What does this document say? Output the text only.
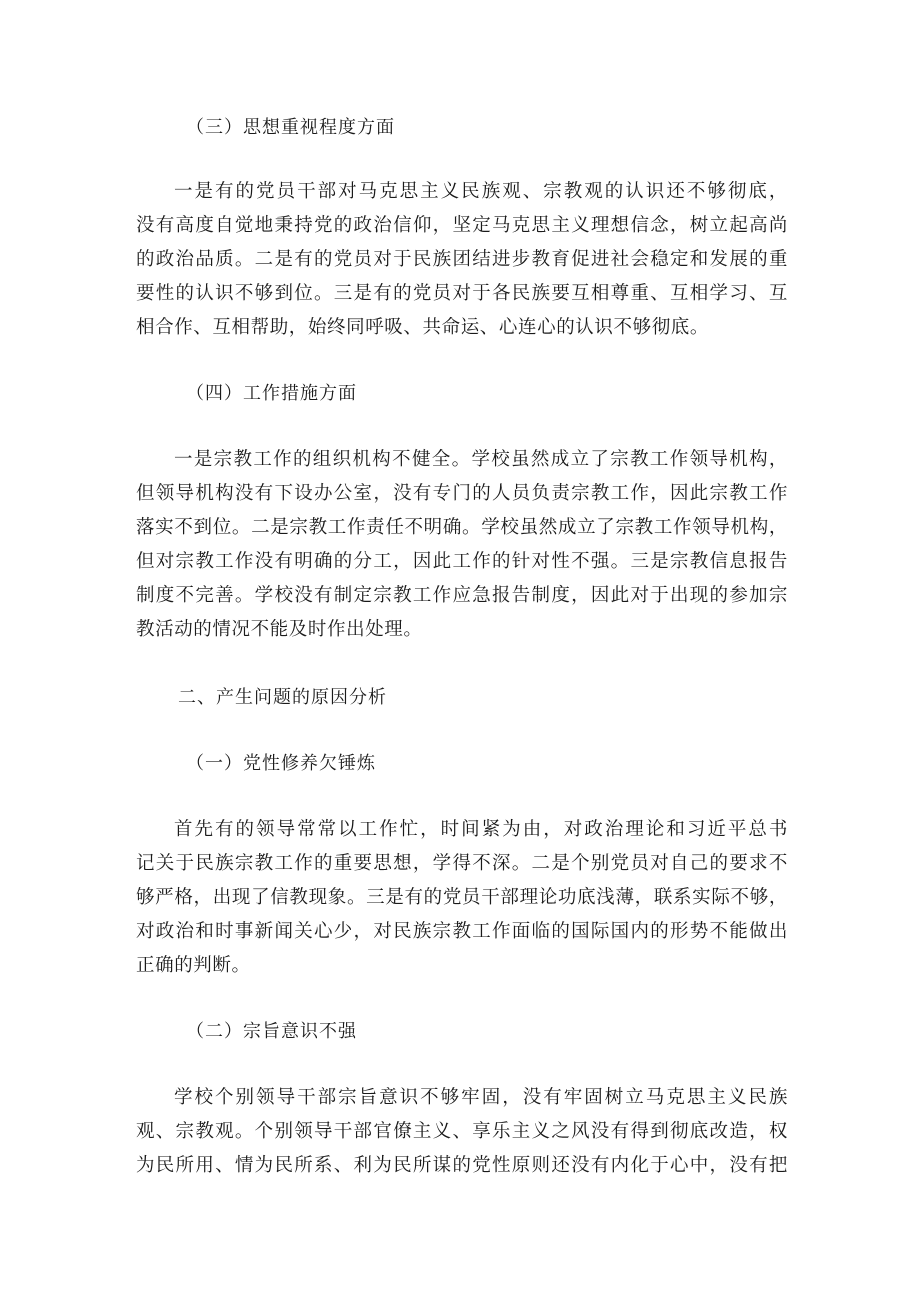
（三）思想重视程度方面
一是有的党员干部对马克思主义民族观、宗教观的认识还不够彻底，
没有高度自觉地秉持党的政治信仰，坚定马克思主义理想信念，树立起高尚
的政治品质。二是有的党员对于民族团结进步教育促进社会稳定和发展的重
要性的认识不够到位。三是有的党员对于各民族要互相尊重、互相学习、互
相合作、互相帮助，始终同呼吸、共命运、心连心的认识不够彻底。
（四）工作措施方面
一是宗教工作的组织机构不健全。学校虽然成立了宗教工作领导机构，
但领导机构没有下设办公室，没有专门的人员负责宗教工作，因此宗教工作
落实不到位。二是宗教工作责任不明确。学校虽然成立了宗教工作领导机构，
但对宗教工作没有明确的分工，因此工作的针对性不强。三是宗教信息报告
制度不完善。学校没有制定宗教工作应急报告制度，因此对于出现的参加宗
教活动的情况不能及时作出处理。
二、产生问题的原因分析
（一）党性修养欠锤炼
首先有的领导常常以工作忙，时间紧为由，对政治理论和习近平总书
记关于民族宗教工作的重要思想，学得不深。二是个别党员对自己的要求不
够严格，出现了信教现象。三是有的党员干部理论功底浅薄，联系实际不够，
对政治和时事新闻关心少，对民族宗教工作面临的国际国内的形势不能做出
正确的判断。
（二）宗旨意识不强
学校个别领导干部宗旨意识不够牢固，没有牢固树立马克思主义民族
观、宗教观。个别领导干部官僚主义、享乐主义之风没有得到彻底改造，权
为民所用、情为民所系、利为民所谋的党性原则还没有内化于心中，没有把
